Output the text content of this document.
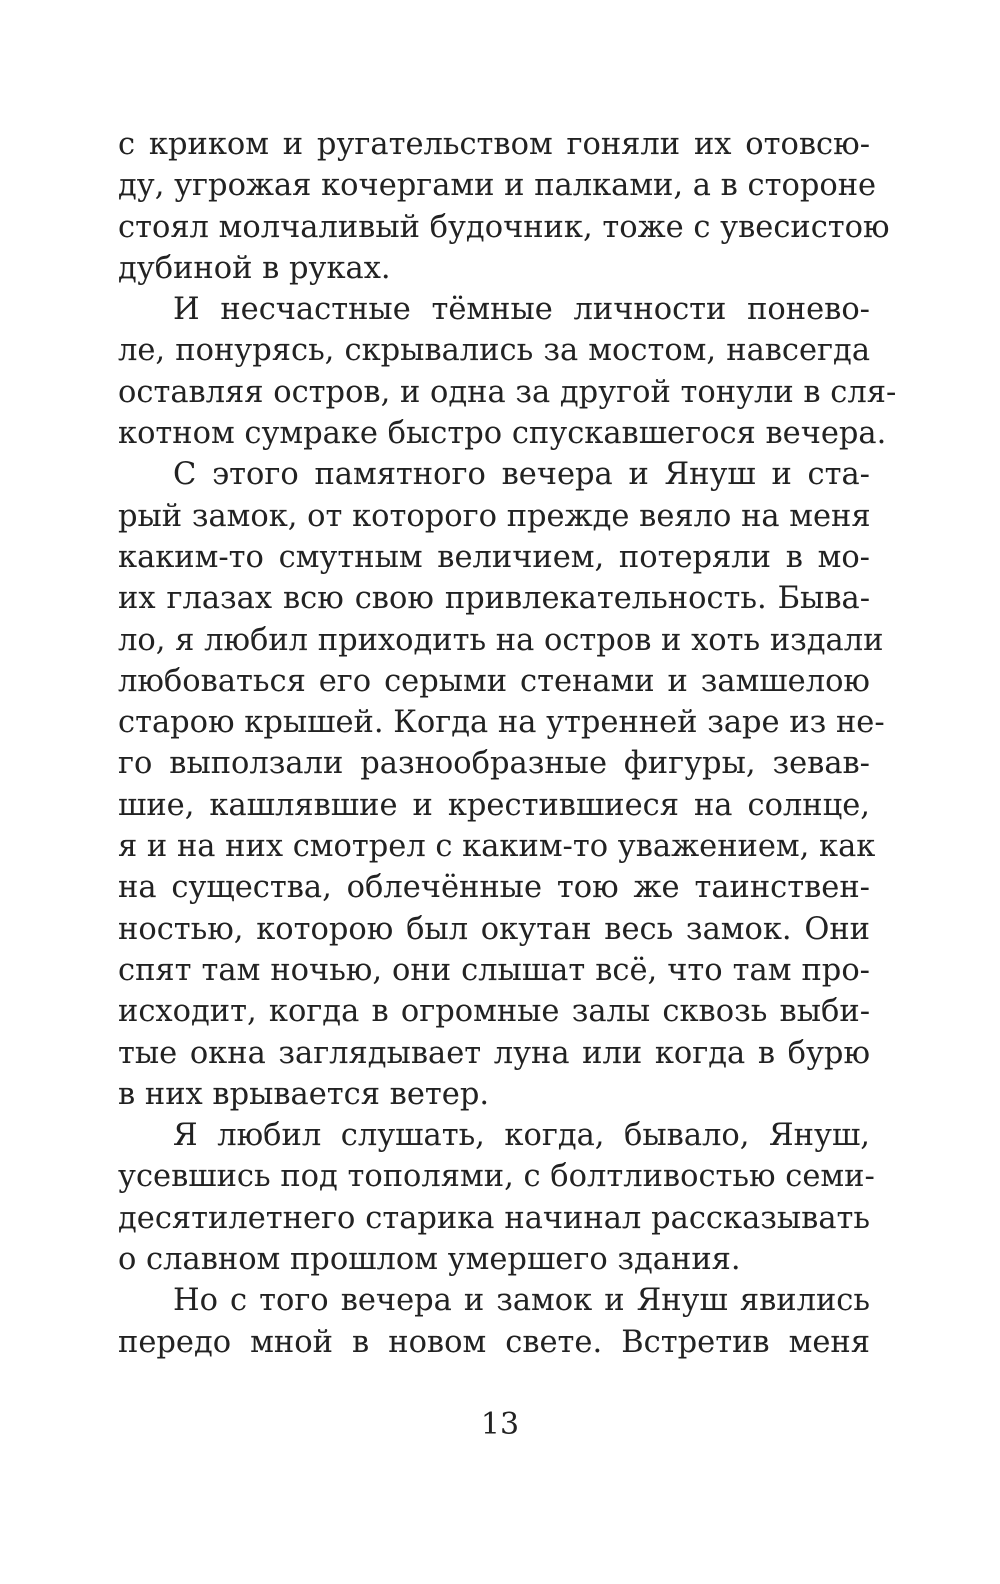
с криком и ругательством гоняли их отовсю-
ду, угрожая кочергами и палками, а в стороне
стоял молчаливый будочник, тоже с увесистою
дубиной в руках.
И несчастные тёмные личности понево-
ле, понурясь, скрывались за мостом, навсегда
оставляя остров, и одна за другой тонули в сля-
котном сумраке быстро спускавшегося вечера.
С этого памятного вечера и Януш и ста-
рый замок, от которого прежде веяло на меня
каким-то смутным величием, потеряли в мо-
их глазах всю свою привлекательность. Быва-
ло, я любил приходить на остров и хоть издали
любоваться его серыми стенами и замшелою
старою крышей. Когда на утренней заре из не-
го выползали разнообразные фигуры, зевав-
шие, кашлявшие и крестившиеся на солнце,
я и на них смотрел с каким-то уважением, как
на существа, облечённые тою же таинствен-
ностью, которою был окутан весь замок. Они
спят там ночью, они слышат всё, что там про-
исходит, когда в огромные залы сквозь выби-
тые окна заглядывает луна или когда в бурю
в них врывается ветер.
Я любил слушать, когда, бывало, Януш,
усевшись под тополями, с болтливостью семи-
десятилетнего старика начинал рассказывать
о славном прошлом умершего здания.
Но с того вечера и замок и Януш явились
передо мной в новом свете. Встретив меня
13
